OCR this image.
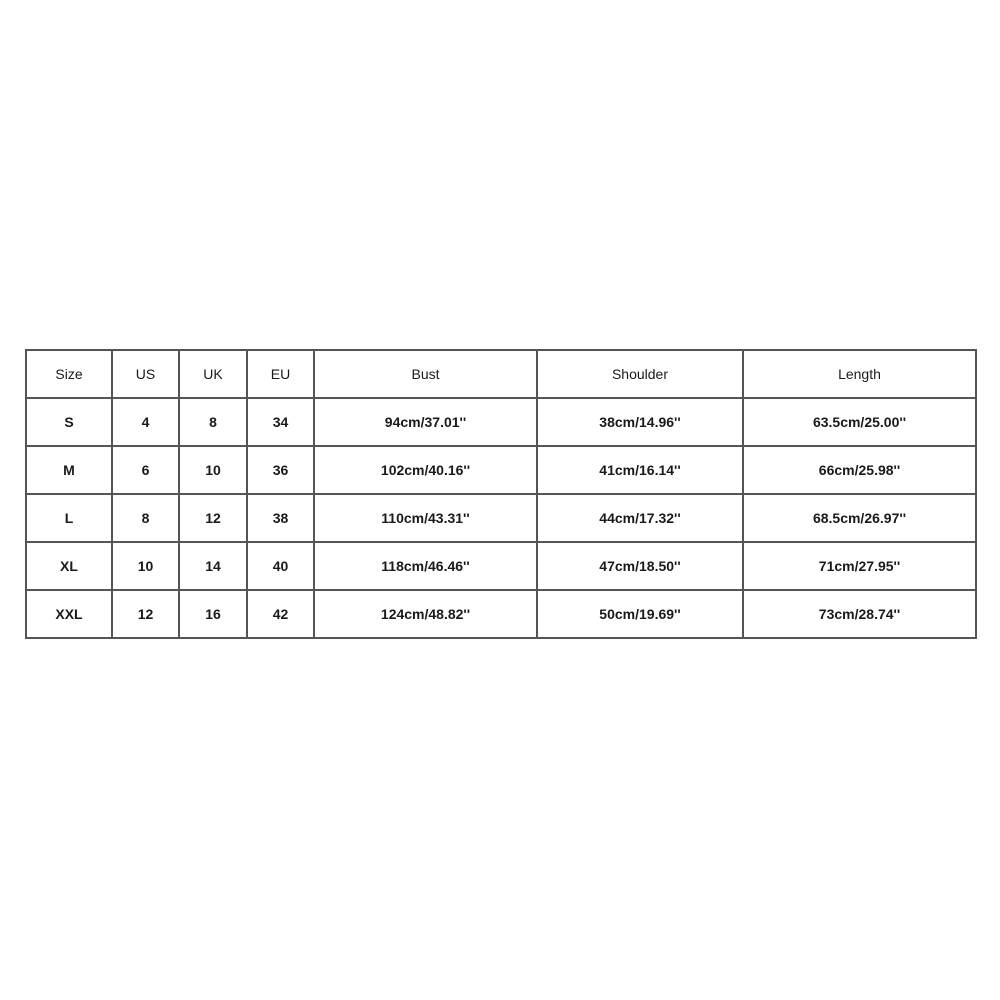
Size	US	UK	EU	Bust	Shoulder	Length
S	4	8	34	94cm/37.01''	38cm/14.96''	63.5cm/25.00''
M	6	10	36	102cm/40.16''	41cm/16.14''	66cm/25.98''
L	8	12	38	110cm/43.31''	44cm/17.32''	68.5cm/26.97''
XL	10	14	40	118cm/46.46''	47cm/18.50''	71cm/27.95''
XXL	12	16	42	124cm/48.82''	50cm/19.69''	73cm/28.74''
